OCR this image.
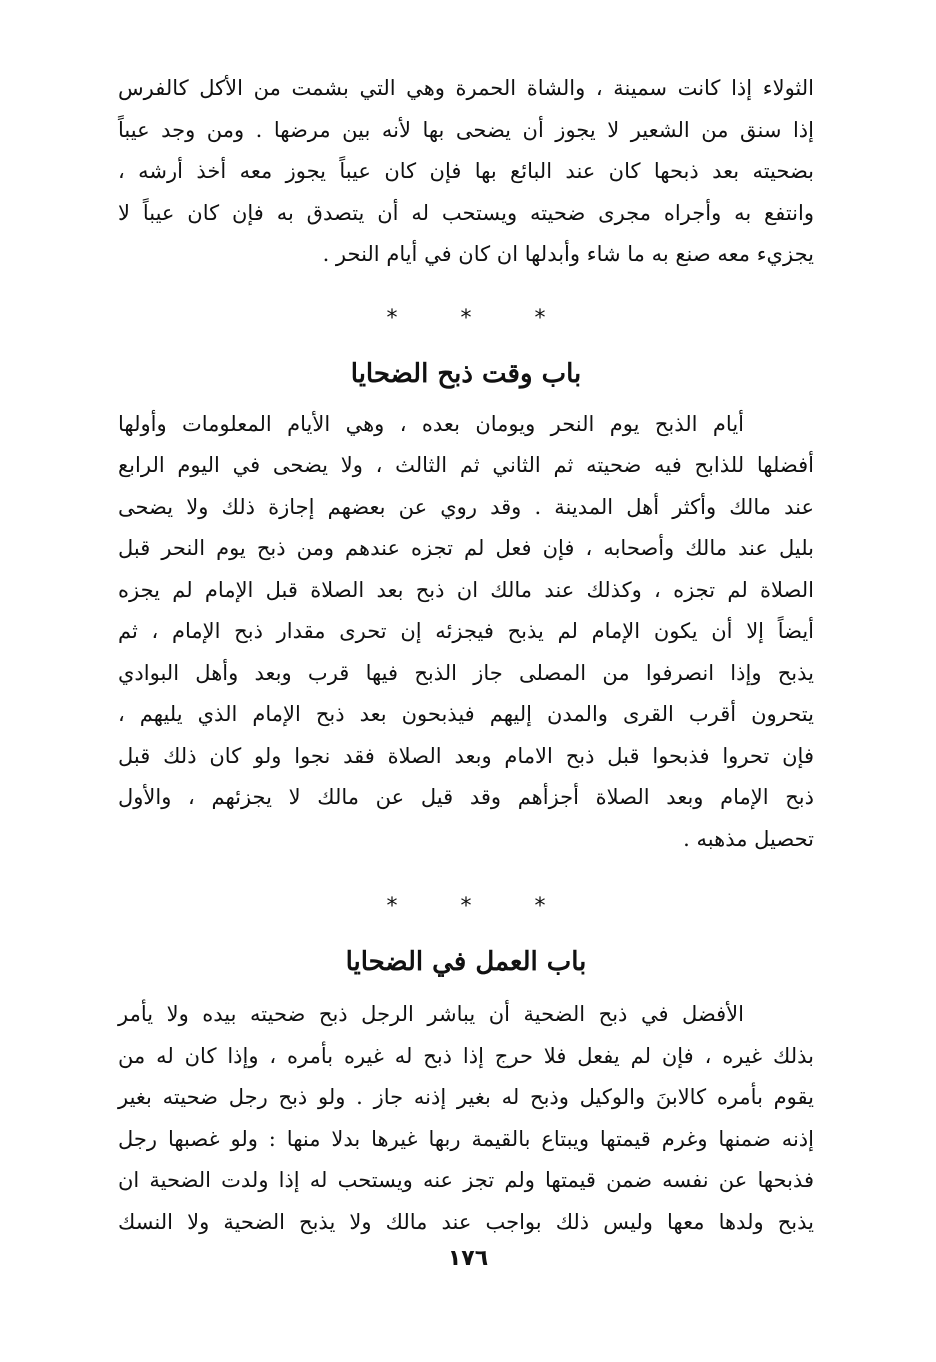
الثولاء إذا كانت سمينة ، والشاة الحمرة وهي التي بشمت من الأكل كالفرس
إذا سنق من الشعير لا يجوز أن يضحى بها لأنه بين مرضها . ومن وجد عيباً
بضحيته بعد ذبحها كان عند البائع بها فإن كان عيباً يجوز معه أخذ أرشه ،
وانتفع به وأجراه مجرى ضحيته ويستحب له أن يتصدق به فإن كان عيباً لا
يجزيء معه صنع به ما شاء وأبدلها ان كان في أيام النحر .

* * *
باب وقت ذبح الضحايا

أيام الذبح يوم النحر ويومان بعده ، وهي الأيام المعلومات وأولها
أفضلها للذابح فيه ضحيته ثم الثاني ثم الثالث ، ولا يضحى في اليوم الرابع
عند مالك وأكثر أهل المدينة . وقد روي عن بعضهم إجازة ذلك ولا يضحى
بليل عند مالك وأصحابه ، فإن فعل لم تجزه عندهم ومن ذبح يوم النحر قبل
الصلاة لم تجزه ، وكذلك عند مالك ان ذبح بعد الصلاة قبل الإمام لم يجزه
أيضاً إلا أن يكون الإمام لم يذبح فيجزئه إن تحرى مقدار ذبح الإمام ، ثم
يذبح وإذا انصرفوا من المصلى جاز الذبح فيها قرب وبعد وأهل البوادي
يتحرون أقرب القرى والمدن إليهم فيذبحون بعد ذبح الإمام الذي يليهم ،
فإن تحروا فذبحوا قبل ذبح الامام وبعد الصلاة فقد نجوا ولو كان ذلك قبل
ذبح الإمام وبعد الصلاة أجزأهم وقد قيل عن مالك لا يجزئهم ، والأول
تحصيل مذهبه .

* * *
باب العمل في الضحايا

الأفضل في ذبح الضحية أن يباشر الرجل ذبح ضحيته بيده ولا يأمر
بذلك غيره ، فإن لم يفعل فلا حرج إذا ذبح له غيره بأمره ، وإذا كان له من
يقوم بأمره كالابنَ والوكيل وذبح له بغير إذنه جاز . ولو ذبح رجل ضحيته بغير
إذنه ضمنها وغرم قيمتها ويبتاع بالقيمة ربها غيرها بدلا منها : ولو غصبها رجل
فذبحها عن نفسه ضمن قيمتها ولم تجز عنه ويستحب له إذا ولدت الضحية ان
يذبح ولدها معها وليس ذلك بواجب عند مالك ولا يذبح الضحية ولا النسك

١٧٦
